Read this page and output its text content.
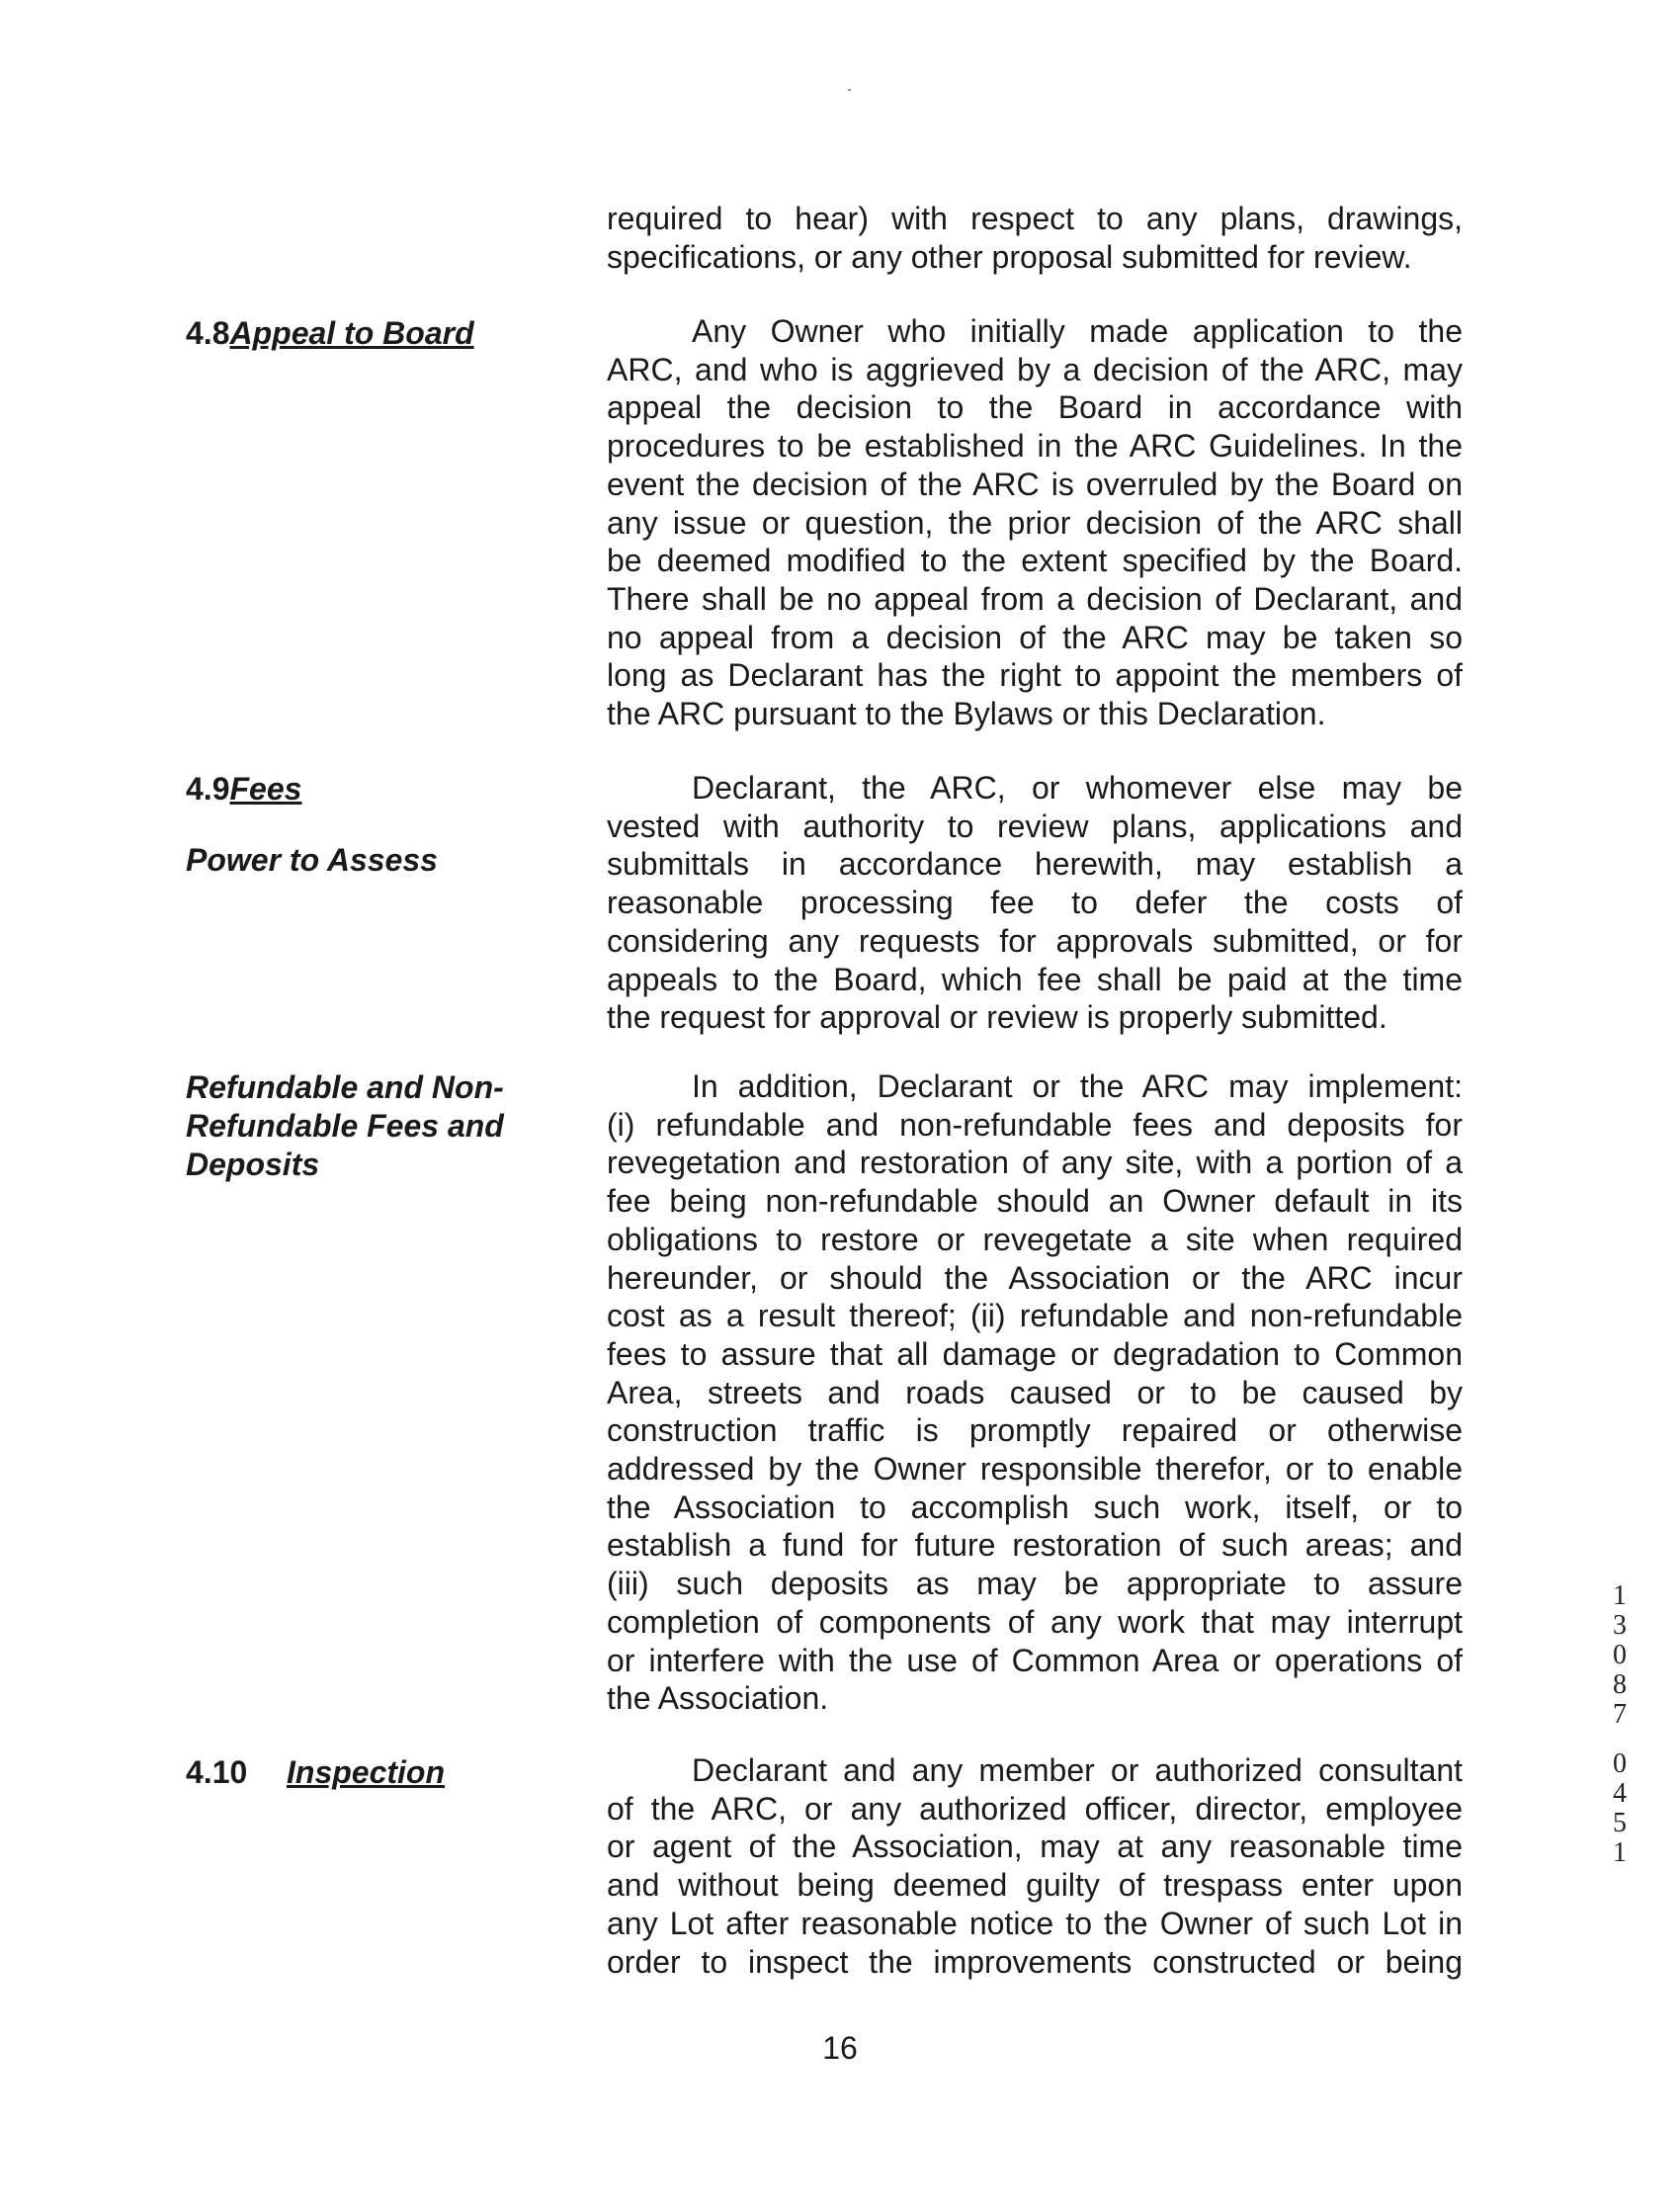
required to hear) with respect to any plans, drawings,
specifications, or any other proposal submitted for review.
4.8Appeal to Board	Any Owner who initially made application to the
ARC, and who is aggrieved by a decision of the ARC, may
appeal the decision to the Board in accordance with
procedures to be established in the ARC Guidelines. In the
event the decision of the ARC is overruled by the Board on
any issue or question, the prior decision of the ARC shall
be deemed modified to the extent specified by the Board.
There shall be no appeal from a decision of Declarant, and
no appeal from a decision of the ARC may be taken so
long as Declarant has the right to appoint the members of
the ARC pursuant to the Bylaws or this Declaration.
4.9Fees
Power to Assess
Declarant, the ARC, or whomever else may be
vested with authority to review plans, applications and
submittals in accordance herewith, may establish a
reasonable processing fee to defer the costs of
considering any requests for approvals submitted, or for
appeals to the Board, which fee shall be paid at the time
the request for approval or review is properly submitted.
Refundable and Non-
Refundable Fees and
Deposits
In addition, Declarant or the ARC may implement:
(i) refundable and non-refundable fees and deposits for
revegetation and restoration of any site, with a portion of a
fee being non-refundable should an Owner default in its
obligations to restore or revegetate a site when required
hereunder, or should the Association or the ARC incur
cost as a result thereof; (ii) refundable and non-refundable
fees to assure that all damage or degradation to Common
Area, streets and roads caused or to be caused by
construction traffic is promptly repaired or otherwise
addressed by the Owner responsible therefor, or to enable
the Association to accomplish such work, itself, or to
establish a fund for future restoration of such areas; and
(iii) such deposits as may be appropriate to assure
completion of components of any work that may interrupt
or interfere with the use of Common Area or operations of
the Association.
4.10 Inspection	Declarant and any member or authorized consultant
of the ARC, or any authorized officer, director, employee
or agent of the Association, may at any reasonable time
and without being deemed guilty of trespass enter upon
any Lot after reasonable notice to the Owner of such Lot in
order to inspect the improvements constructed or being
16
1
3
0
8
7
0
4
5
1
